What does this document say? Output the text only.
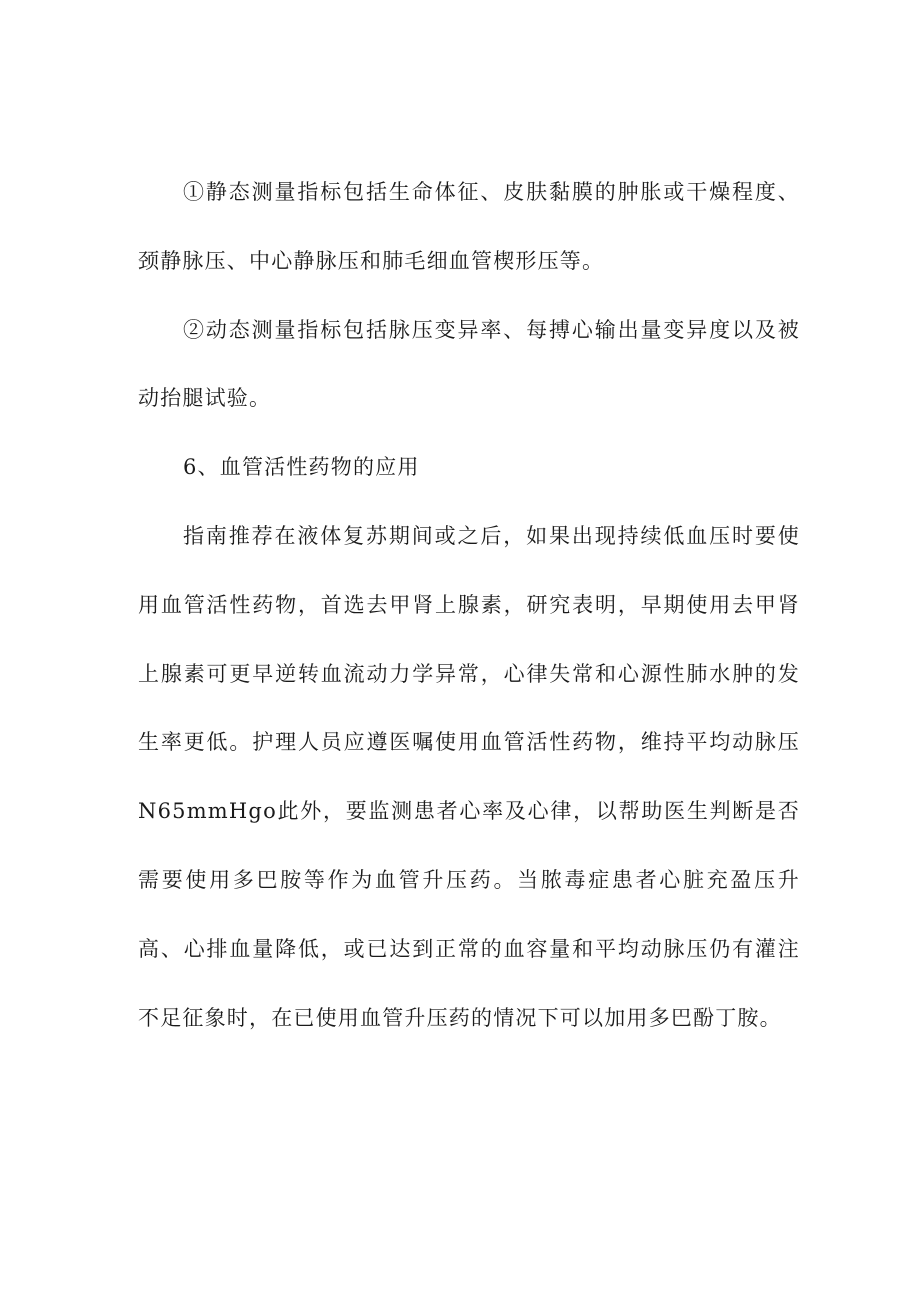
①静态测量指标包括生命体征、皮肤黏膜的肿胀或干燥程度、颈静脉压、中心静脉压和肺毛细血管楔形压等。

②动态测量指标包括脉压变异率、每搏心输出量变异度以及被动抬腿试验。

6、血管活性药物的应用

指南推荐在液体复苏期间或之后，如果出现持续低血压时要使用血管活性药物，首选去甲肾上腺素，研究表明，早期使用去甲肾上腺素可更早逆转血流动力学异常，心律失常和心源性肺水肿的发生率更低。护理人员应遵医嘱使用血管活性药物，维持平均动脉压N65mmHgo此外，要监测患者心率及心律，以帮助医生判断是否需要使用多巴胺等作为血管升压药。当脓毒症患者心脏充盈压升高、心排血量降低，或已达到正常的血容量和平均动脉压仍有灌注不足征象时，在已使用血管升压药的情况下可以加用多巴酚丁胺。
